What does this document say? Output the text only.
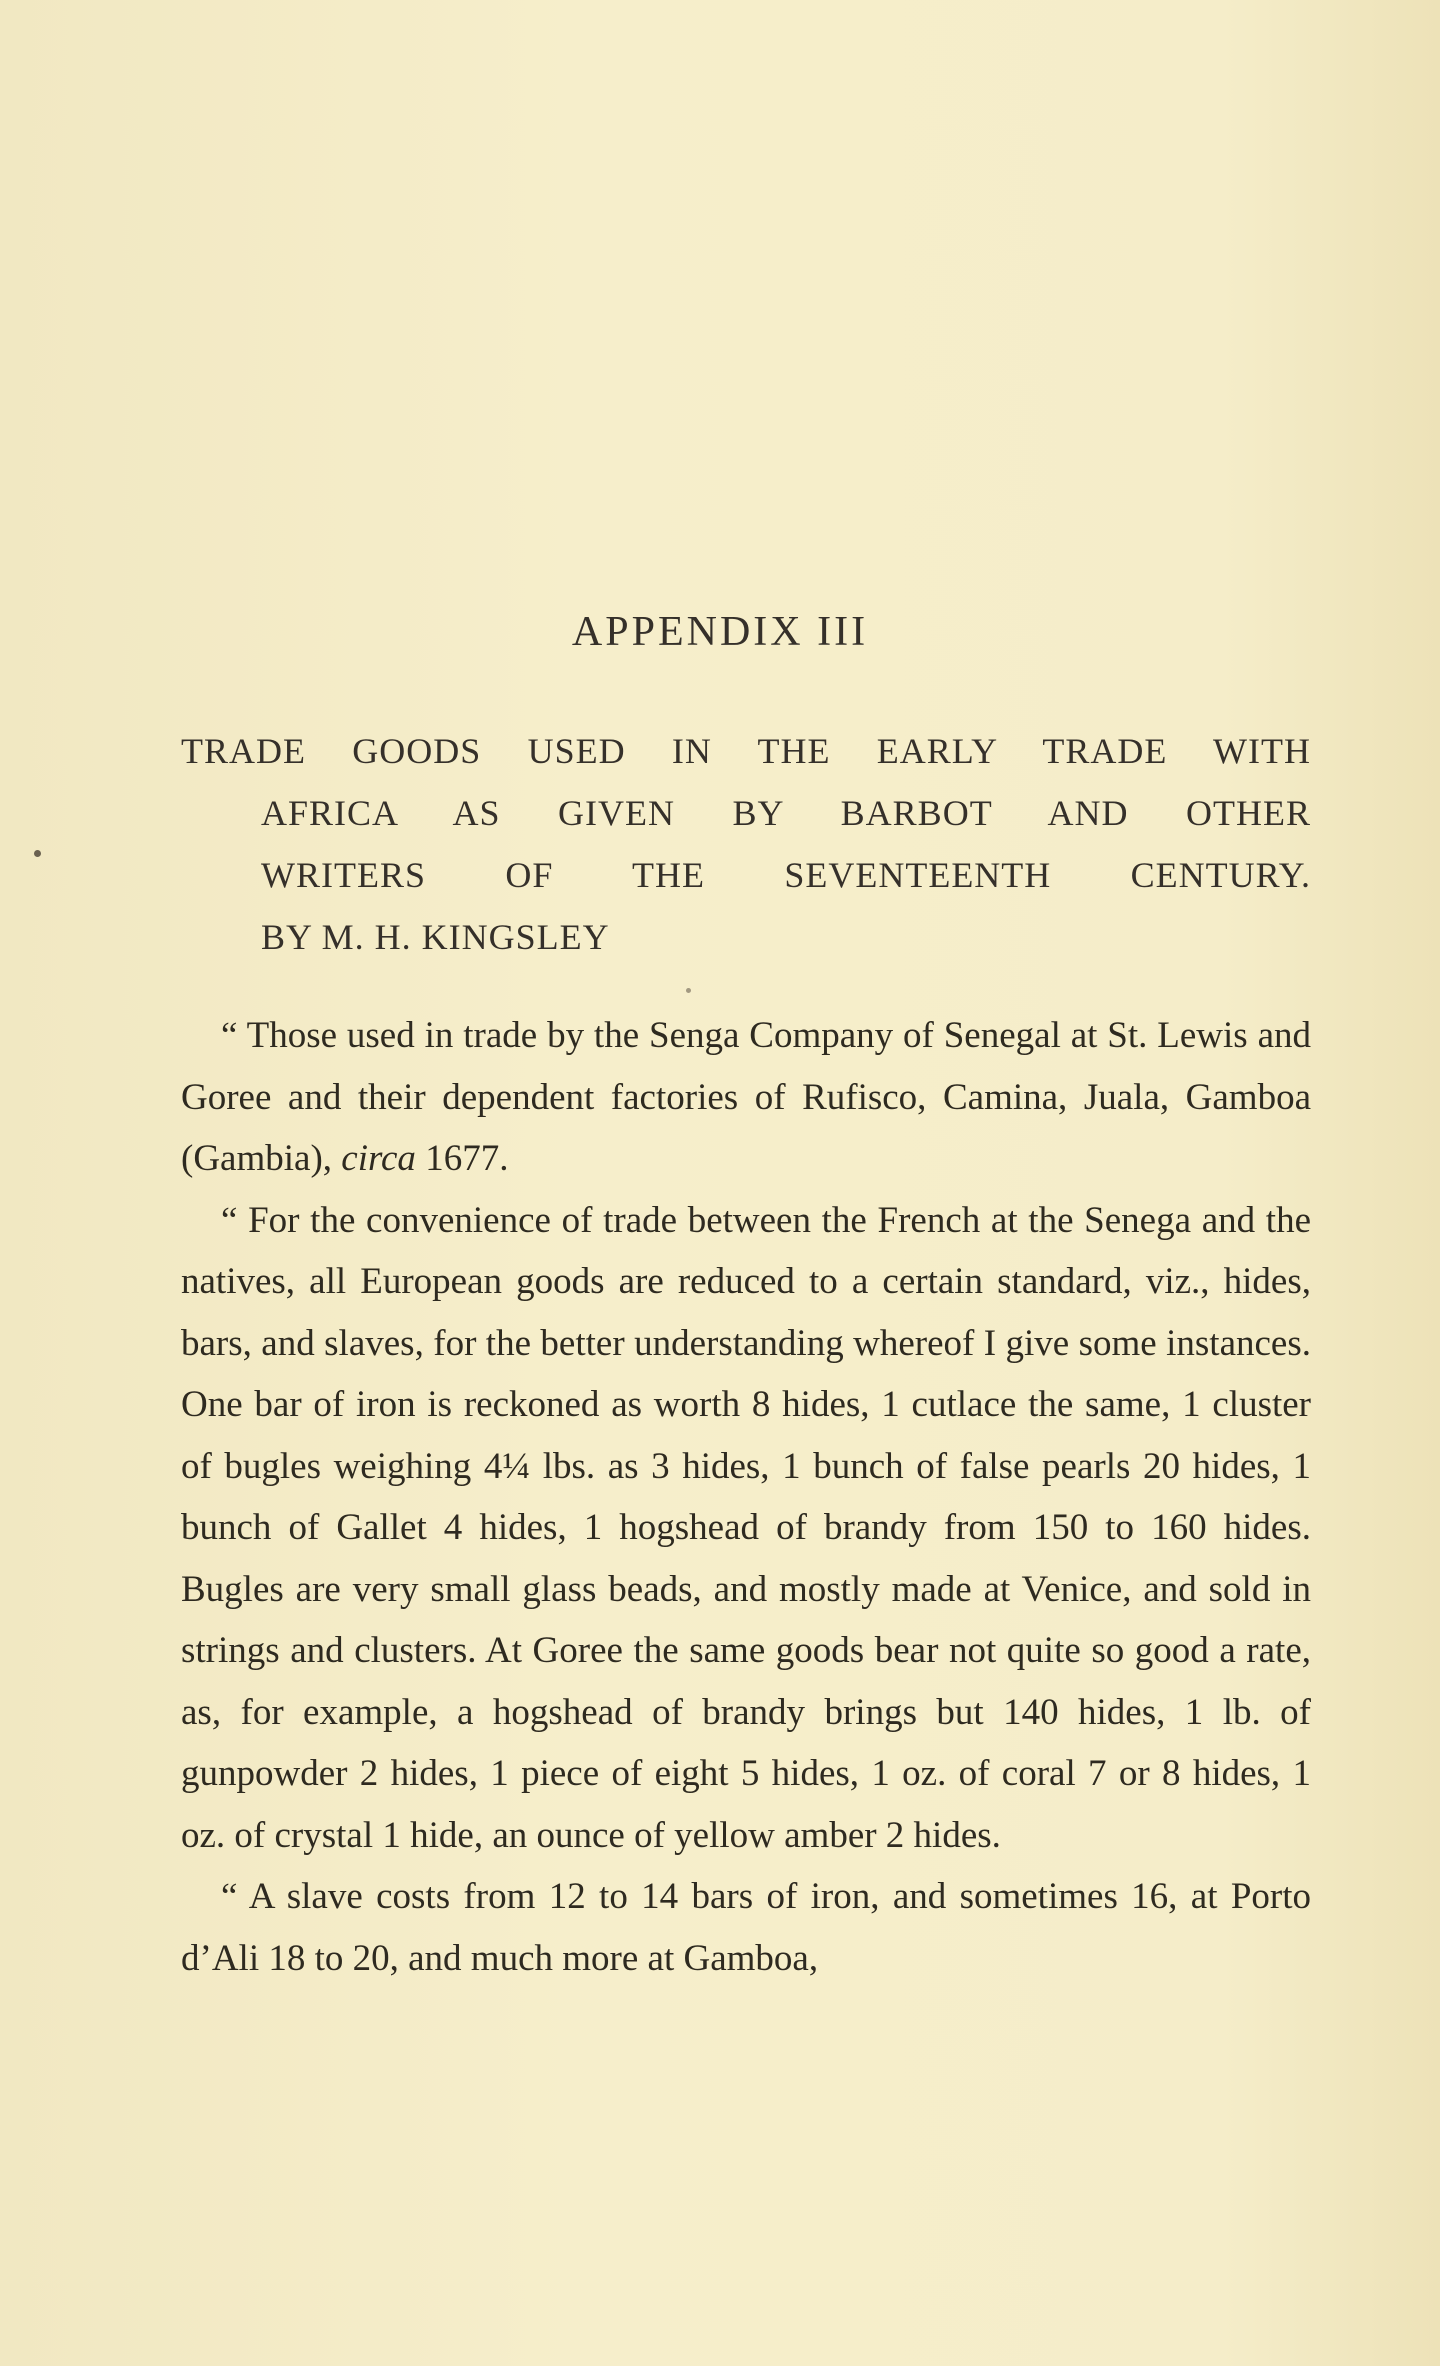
APPENDIX III
TRADE GOODS USED IN THE EARLY TRADE WITH
AFRICA AS GIVEN BY BARBOT AND OTHER
WRITERS OF THE SEVENTEENTH CENTURY.
BY M. H. KINGSLEY

“ Those used in trade by the Senga Company of Senegal at St. Lewis and Goree and their dependent factories of Rufisco, Camina, Juala, Gamboa (Gambia), circa 1677.

“ For the convenience of trade between the French at the Senega and the natives, all European goods are reduced to a certain standard, viz., hides, bars, and slaves, for the better understanding whereof I give some instances. One bar of iron is reckoned as worth 8 hides, 1 cutlace the same, 1 cluster of bugles weighing 4¼ lbs. as 3 hides, 1 bunch of false pearls 20 hides, 1 bunch of Gallet 4 hides, 1 hogshead of brandy from 150 to 160 hides. Bugles are very small glass beads, and mostly made at Venice, and sold in strings and clusters. At Goree the same goods bear not quite so good a rate, as, for example, a hogshead of brandy brings but 140 hides, 1 lb. of gunpowder 2 hides, 1 piece of eight 5 hides, 1 oz. of coral 7 or 8 hides, 1 oz. of crystal 1 hide, an ounce of yellow amber 2 hides.

“ A slave costs from 12 to 14 bars of iron, and sometimes 16, at Porto d’Ali 18 to 20, and much more at Gamboa,
